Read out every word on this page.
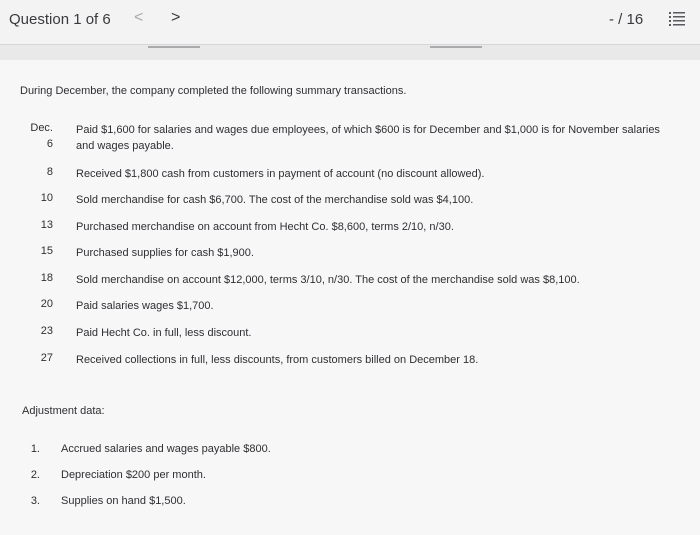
Question 1 of 6 < >	- / 16
During December, the company completed the following summary transactions.
Dec.
6
Paid $1,600 for salaries and wages due employees, of which $600 is for December and $1,000 is for November salaries and wages payable.
8 Received $1,800 cash from customers in payment of account (no discount allowed).
10 Sold merchandise for cash $6,700. The cost of the merchandise sold was $4,100.
13 Purchased merchandise on account from Hecht Co. $8,600, terms 2/10, n/30.
15 Purchased supplies for cash $1,900.
18 Sold merchandise on account $12,000, terms 3/10, n/30. The cost of the merchandise sold was $8,100.
20 Paid salaries wages $1,700.
23 Paid Hecht Co. in full, less discount.
27 Received collections in full, less discounts, from customers billed on December 18.
Adjustment data:
1. Accrued salaries and wages payable $800.
2. Depreciation $200 per month.
3. Supplies on hand $1,500.
